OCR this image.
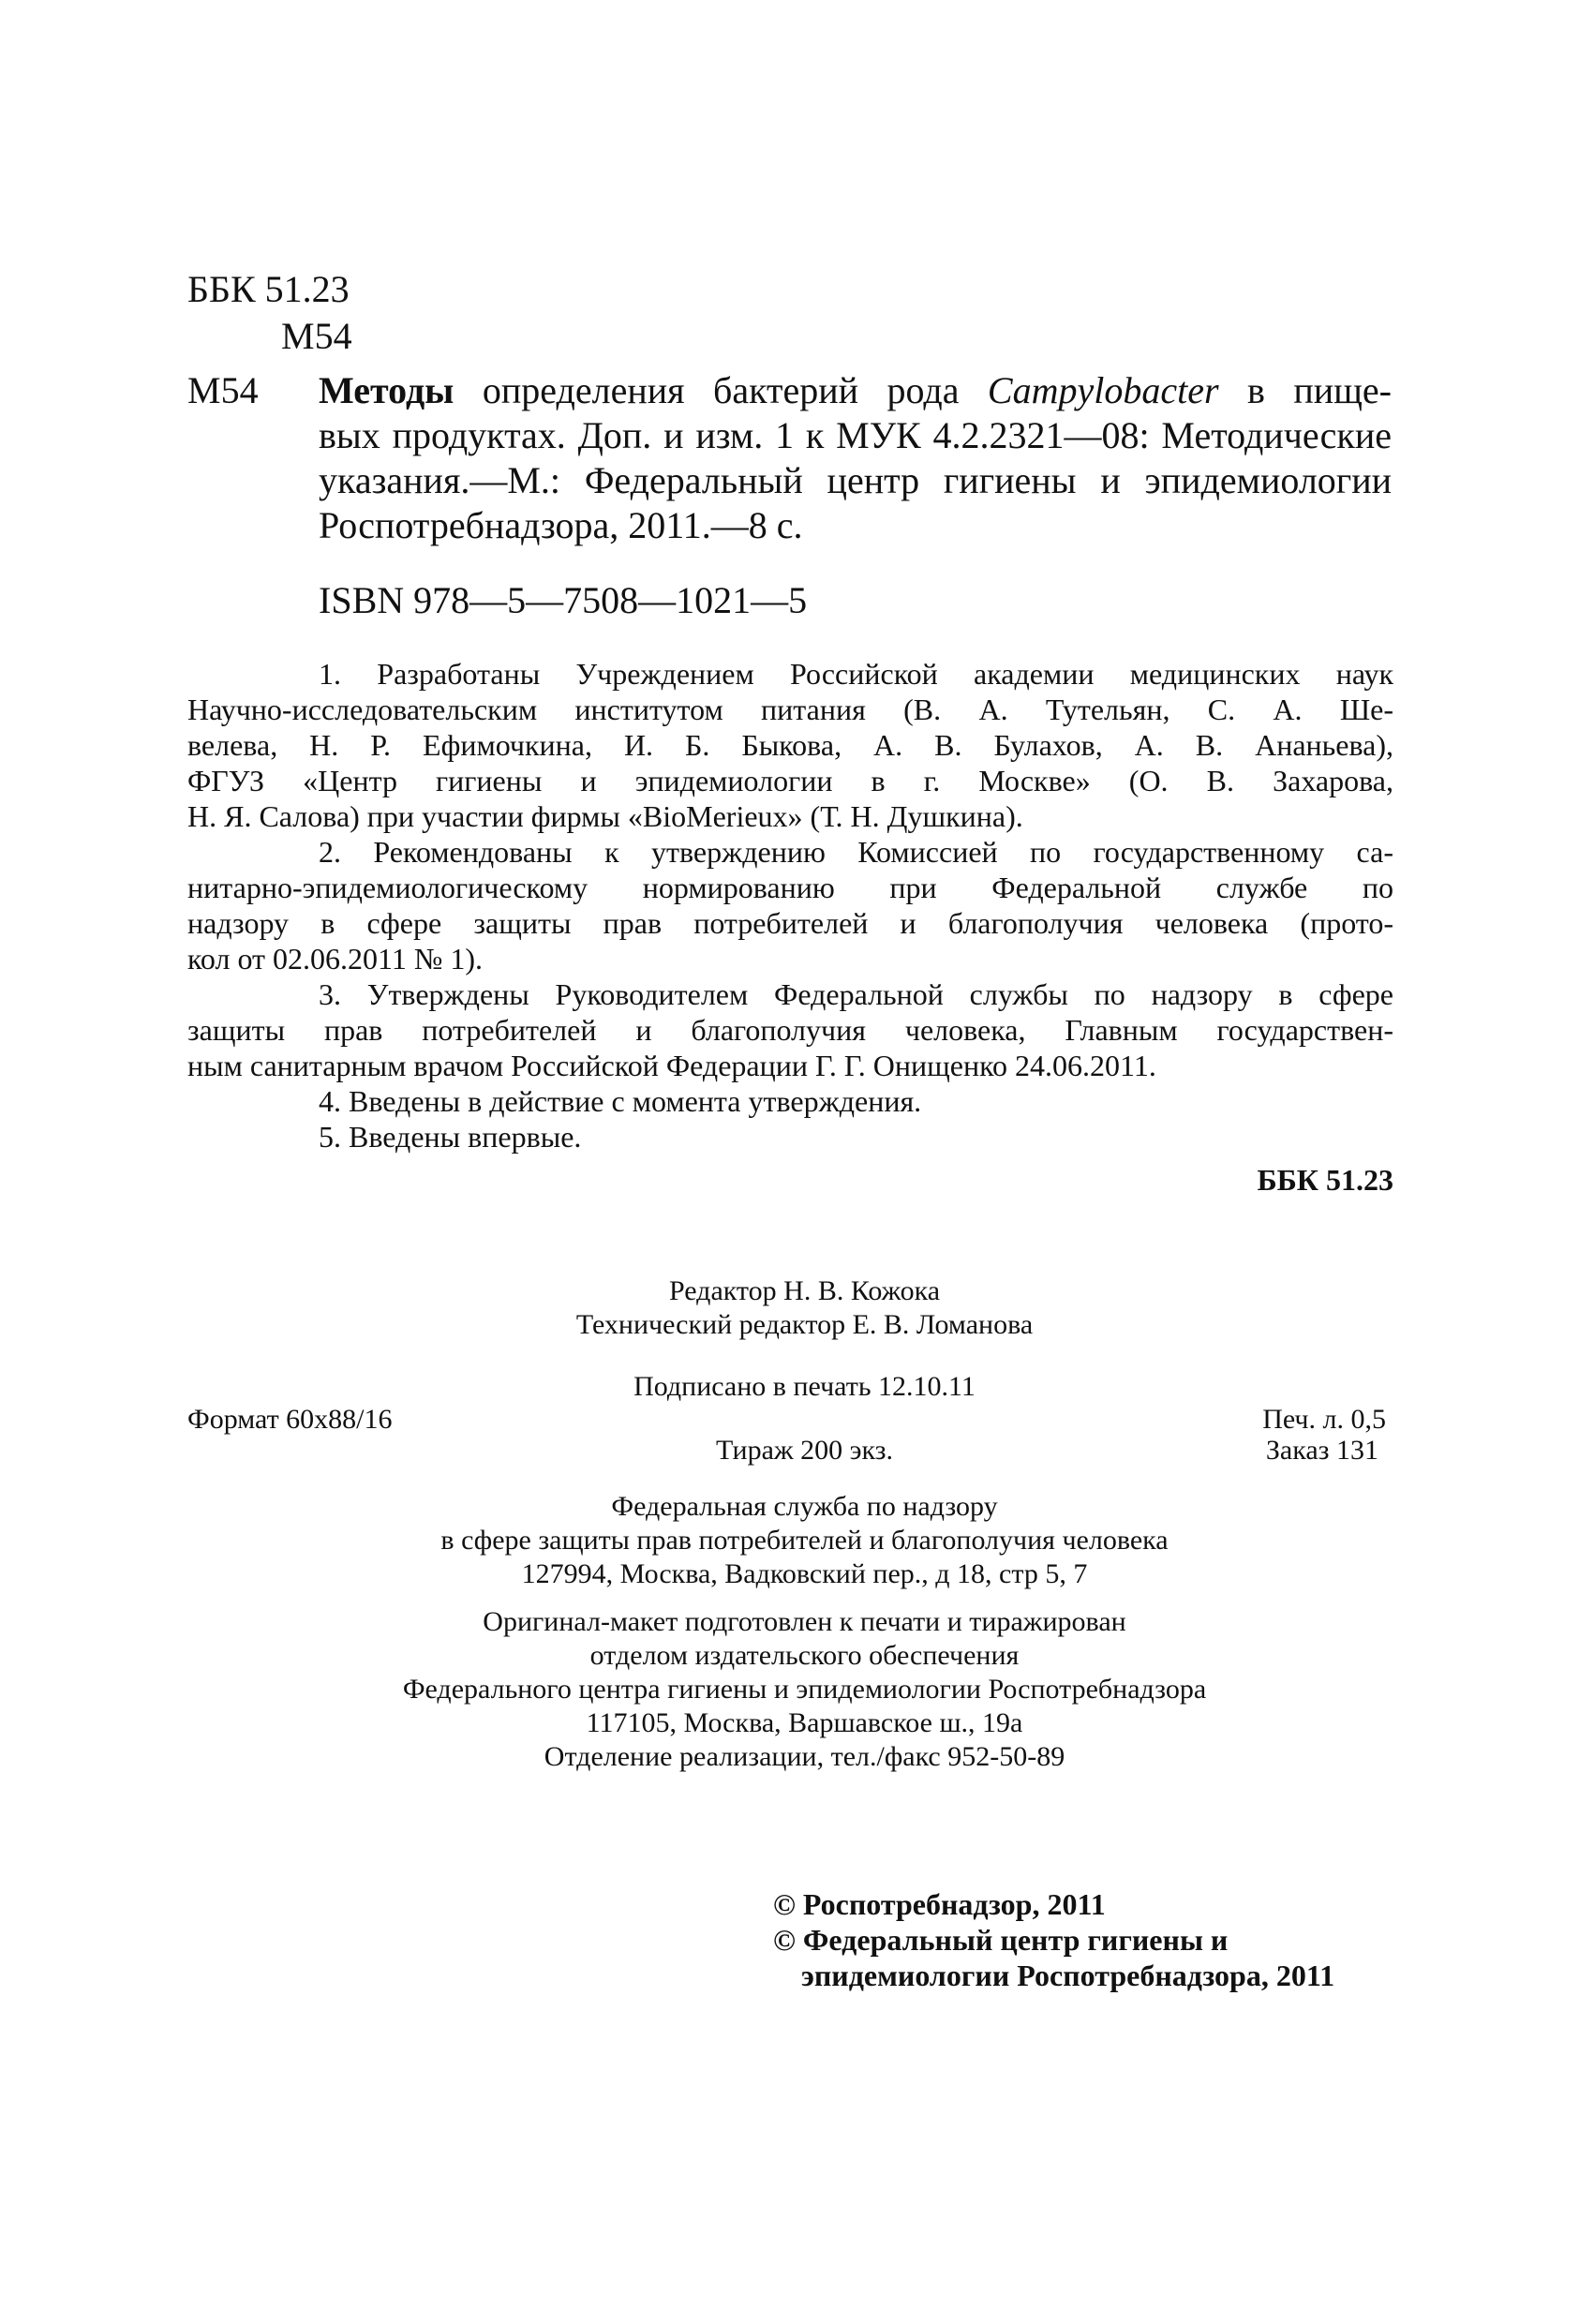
ББК 51.23
М54
М54 Методы определения бактерий рода Campylobacter в пище-
вых продуктах. Доп. и изм. 1 к МУК 4.2.2321—08: Методические
указания.—М.: Федеральный центр гигиены и эпидемиологии
Роспотребнадзора, 2011.—8 с.
ISBN 978—5—7508—1021—5
1. Разработаны Учреждением Российской академии медицинских наук
Научно-исследовательским институтом питания (В. А. Тутельян, С. А. Ше-
велева, Н. Р. Ефимочкина, И. Б. Быкова, А. В. Булахов, А. В. Ананьева),
ФГУЗ «Центр гигиены и эпидемиологии в г. Москве» (О. В. Захарова,
Н. Я. Салова) при участии фирмы «BioMerieux» (Т. Н. Душкина).
2. Рекомендованы к утверждению Комиссией по государственному са-
нитарно-эпидемиологическому нормированию при Федеральной службе по
надзору в сфере защиты прав потребителей и благополучия человека (прото-
кол от 02.06.2011 № 1).
3. Утверждены Руководителем Федеральной службы по надзору в сфере
защиты прав потребителей и благополучия человека, Главным государствен-
ным санитарным врачом Российской Федерации Г. Г. Онищенко 24.06.2011.
4. Введены в действие с момента утверждения.
5. Введены впервые.
ББК 51.23
Редактор Н. В. Кожока
Технический редактор Е. В. Ломанова
Подписано в печать 12.10.11
Формат 60x88/16	Печ. л. 0,5
Тираж 200 экз.	Заказ 131
Федеральная служба по надзору
в сфере защиты прав потребителей и благополучия человека
127994, Москва, Вадковский пер., д 18, стр 5, 7
Оригинал-макет подготовлен к печати и тиражирован
отделом издательского обеспечения
Федерального центра гигиены и эпидемиологии Роспотребнадзора
117105, Москва, Варшавское ш., 19а
Отделение реализации, тел./факс 952-50-89
© Роспотребнадзор, 2011
© Федеральный центр гигиены и
эпидемиологии Роспотребнадзора, 2011
